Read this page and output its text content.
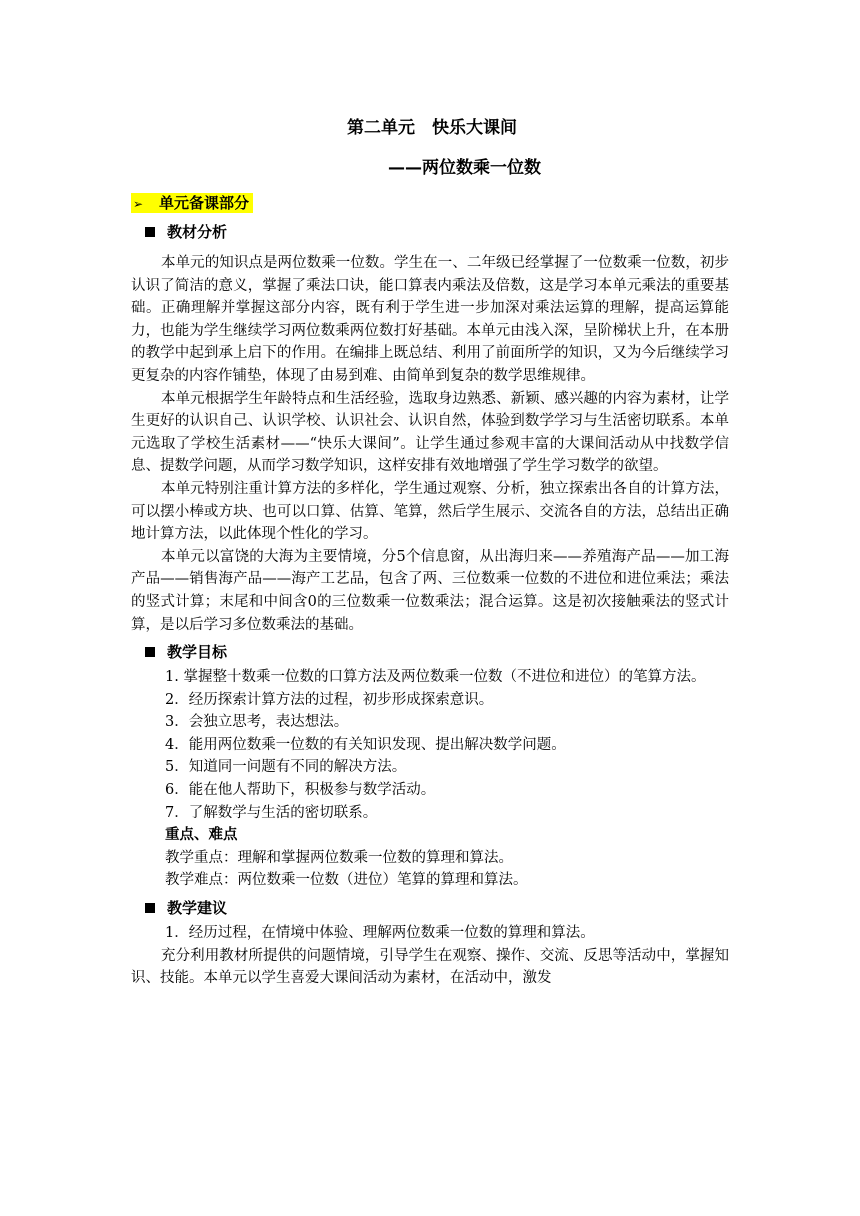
第二单元　快乐大课间
——两位数乘一位数
➢ 单元备课部分
教材分析

本单元的知识点是两位数乘一位数。学生在一、二年级已经掌握了一位数乘一位数，初步认识了简洁的意义，掌握了乘法口诀，能口算表内乘法及倍数，这是学习本单元乘法的重要基础。正确理解并掌握这部分内容，既有利于学生进一步加深对乘法运算的理解，提高运算能力，也能为学生继续学习两位数乘两位数打好基础。本单元由浅入深，呈阶梯状上升，在本册的教学中起到承上启下的作用。在编排上既总结、利用了前面所学的知识，又为今后继续学习更复杂的内容作铺垫，体现了由易到难、由简单到复杂的数学思维规律。

本单元根据学生年龄特点和生活经验，选取身边熟悉、新颖、感兴趣的内容为素材，让学生更好的认识自己、认识学校、认识社会、认识自然，体验到数学学习与生活密切联系。本单元选取了学校生活素材——“快乐大课间”。让学生通过参观丰富的大课间活动从中找数学信息、提数学问题，从而学习数学知识，这样安排有效地增强了学生学习数学的欲望。

本单元特别注重计算方法的多样化，学生通过观察、分析，独立探索出各自的计算方法，可以摆小棒或方块、也可以口算、估算、笔算，然后学生展示、交流各自的方法，总结出正确地计算方法，以此体现个性化的学习。

本单元以富饶的大海为主要情境，分5个信息窗，从出海归来——养殖海产品——加工海产品——销售海产品——海产工艺品，包含了两、三位数乘一位数的不进位和进位乘法；乘法的竖式计算；末尾和中间含0的三位数乘一位数乘法；混合运算。这是初次接触乘法的竖式计算，是以后学习多位数乘法的基础。

教学目标

1. 掌握整十数乘一位数的口算方法及两位数乘一位数（不进位和进位）的笔算方法。

2．经历探索计算方法的过程，初步形成探索意识。

3．会独立思考，表达想法。

4．能用两位数乘一位数的有关知识发现、提出解决数学问题。

5．知道同一问题有不同的解决方法。

6．能在他人帮助下，积极参与数学活动。

7．了解数学与生活的密切联系。

重点、难点

教学重点：理解和掌握两位数乘一位数的算理和算法。

教学难点：两位数乘一位数（进位）笔算的算理和算法。

教学建议

1．经历过程，在情境中体验、理解两位数乘一位数的算理和算法。

充分利用教材所提供的问题情境，引导学生在观察、操作、交流、反思等活动中，掌握知识、技能。本单元以学生喜爱大课间活动为素材，在活动中，激发
